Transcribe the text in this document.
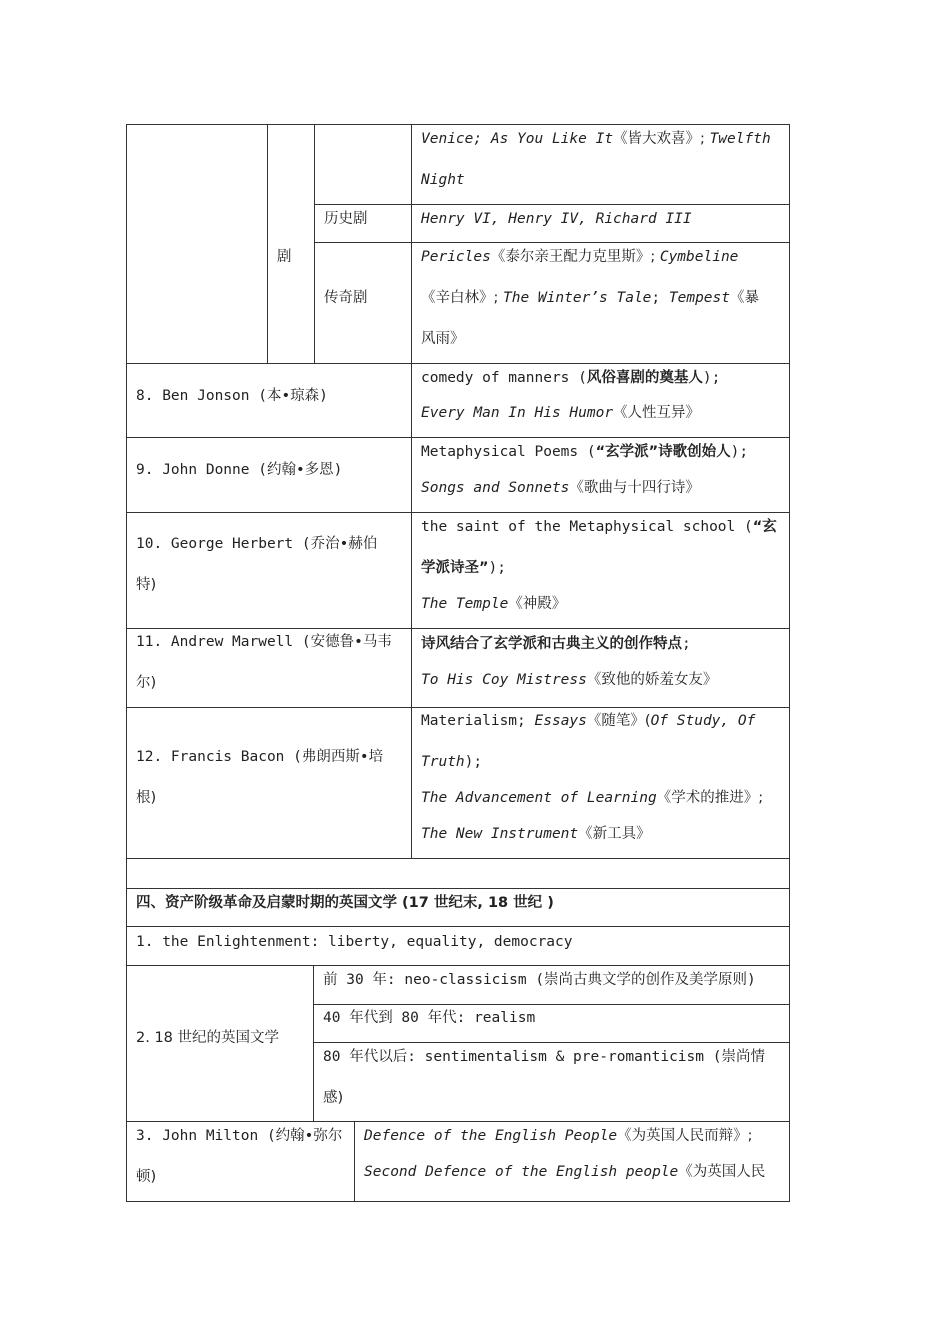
剧
Venice; As You Like It《皆大欢喜》; Twelfth
Night
历史剧	Henry VI, Henry IV, Richard III
传奇剧
Pericles《泰尔亲王配力克里斯》; Cymbeline
《辛白林》; The Winter’s Tale; Tempest《暴
风雨》
8. Ben Jonson (本•琼森)
comedy of manners (风俗喜剧的奠基人);
Every Man In His Humor《人性互异》
9. John Donne (约翰•多恩)
Metaphysical Poems (“玄学派”诗歌创始人);
Songs and Sonnets《歌曲与十四行诗》
10. George Herbert (乔治•赫伯
特)
the saint of the Metaphysical school (“玄
学派诗圣”);
The Temple《神殿》
11. Andrew Marwell (安德鲁•马韦
尔)
诗风结合了玄学派和古典主义的创作特点;
To His Coy Mistress《致他的娇羞女友》
12. Francis Bacon (弗朗西斯•培
根)
Materialism; Essays《随笔》(Of Study, Of
Truth);
The Advancement of Learning《学术的推进》;
The New Instrument《新工具》
四、资产阶级革命及启蒙时期的英国文学 (17 世纪末, 18 世纪 )
1. the Enlightenment: liberty, equality, democracy
2. 18 世纪的英国文学
前 30 年: neo-classicism (崇尚古典文学的创作及美学原则)
40 年代到 80 年代: realism
80 年代以后: sentimentalism & pre-romanticism (崇尚情
感)
3. John Milton (约翰•弥尔
顿)
Defence of the English People《为英国人民而辩》;
Second Defence of the English people《为英国人民
